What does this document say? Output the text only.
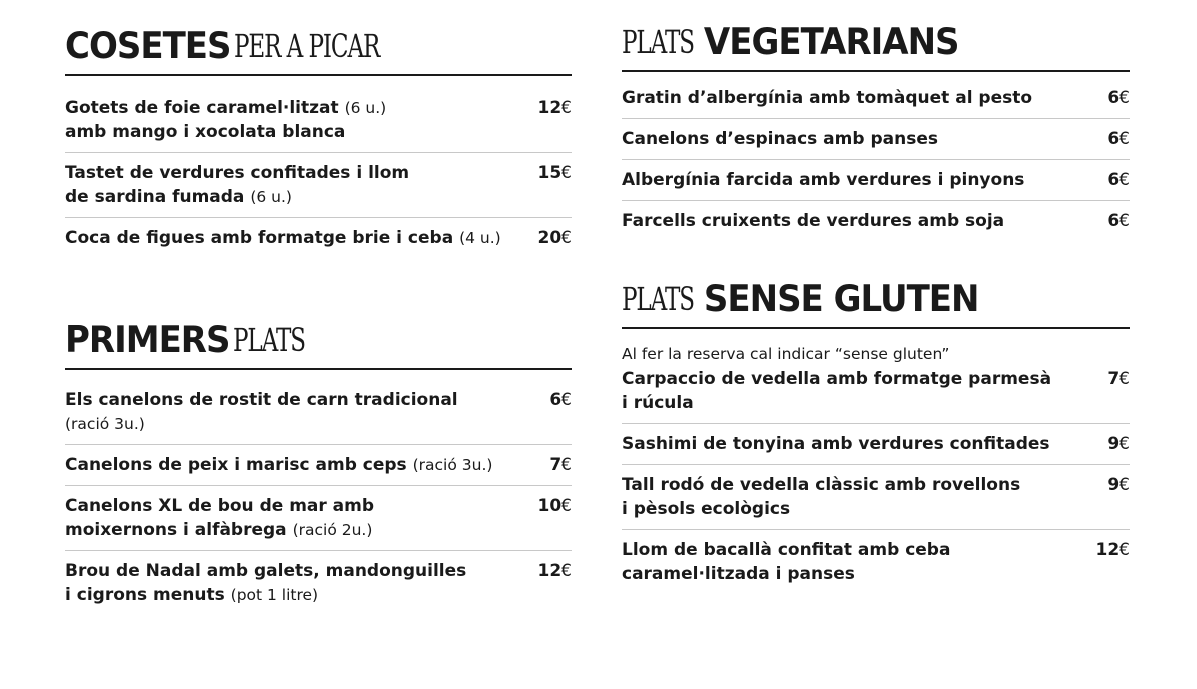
COSETES PER A PICAR
Gotets de foie caramel·litzat (6 u.)
amb mango i xocolata blanca
12€
Tastet de verdures confitades i llom
de sardina fumada (6 u.)
15€
Coca de figues amb formatge brie i ceba (4 u.) 20€
PRIMERS PLATS
Els canelons de rostit de carn tradicional
(ració 3u.)
6€
Canelons de peix i marisc amb ceps (ració 3u.)	7€
Canelons XL de bou de mar amb
moixernons i alfàbrega (ració 2u.)
10€
Brou de Nadal amb galets, mandonguilles
i cigrons menuts (pot 1 litre)
12€
PLATS VEGETARIANS
Gratin d’albergínia amb tomàquet al pesto	6€
Canelons d’espinacs amb panses	6€
Albergínia farcida amb verdures i pinyons	6€
Farcells cruixents de verdures amb soja	6€
PLATS SENSE GLUTEN

Al fer la reserva cal indicar “sense gluten”

Carpaccio de vedella amb formatge parmesà
i rúcula
7€
Sashimi de tonyina amb verdures confitades	9€
Tall rodó de vedella clàssic amb rovellons
i pèsols ecològics
9€
Llom de bacallà confitat amb ceba
caramel·litzada i panses
12€
